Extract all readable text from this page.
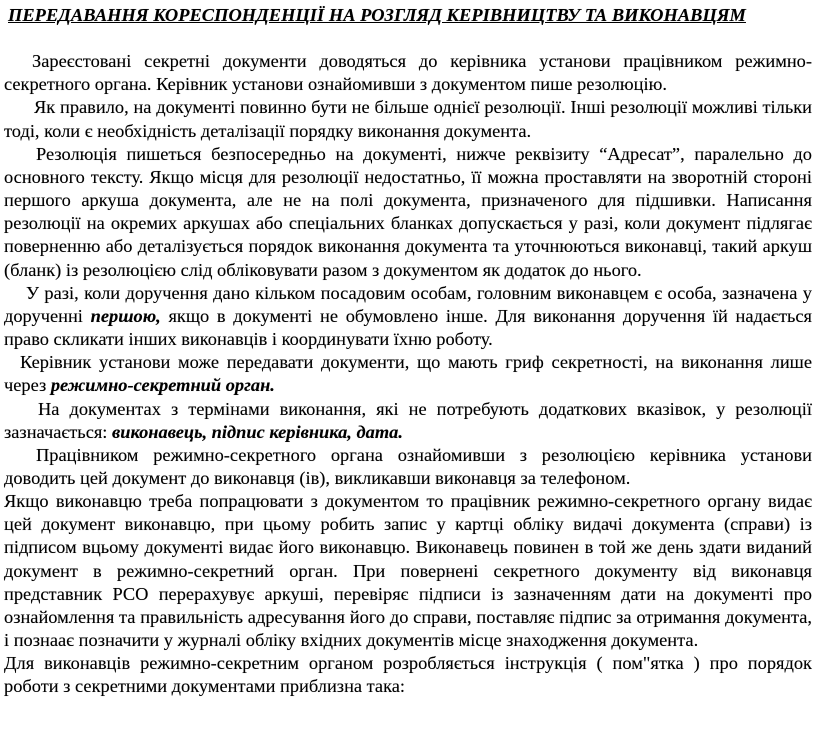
ПЕРЕДАВАННЯ КОРЕСПОНДЕНЦІЇ НА РОЗГЛЯД КЕРІВНИЦТВУ ТА ВИКОНАВЦЯМ

Зареєстовані секретні документи доводяться до керівника установи працівником режимно-секретного органа. Керівник установи ознайомивши з документом пише резолюцію.

Як правило, на документі повинно бути не більше однієї резолюції. Інші резолюції можливі тільки тоді, коли є необхідність деталізації порядку виконання документа.

Резолюція пишеться безпосередньо на документі, нижче реквізиту “Адресат”, паралельно до основного тексту. Якщо місця для резолюції недостатньо, її можна проставляти на зворотній стороні першого аркуша документа, але не на полі документа, призначеного для підшивки. Написання резолюції на окремих аркушах або спеціальних бланках допускається у разі, коли документ підлягає поверненню або деталізується порядок виконання документа та уточнюються виконавці, такий аркуш (бланк) із резолюцією слід обліковувати разом з документом як додаток до нього.

У разі, коли доручення дано кільком посадовим особам, головним виконавцем є особа, зазначена у дорученні першою, якщо в документі не обумовлено інше. Для виконання доручення їй надається право скликати інших виконавців і координувати їхню роботу.

Керівник установи може передавати документи, що мають гриф секретності, на виконання лише через режимно-секретний орган.

На документах з термінами виконання, які не потребують додаткових вказівок, у резолюції зазначається: виконавець, підпис керівника, дата.

Працівником режимно-секретного органа ознайомивши з резолюцією керівника установи доводить цей документ до виконавця (ів), викликавши виконавця за телефоном.

Якщо виконавцю треба попрацювати з документом то працівник режимно-секретного органу видає цей документ виконавцю, при цьому робить запис у картці обліку видачі документа (справи) із підписом вцьому документі видає його виконавцю. Виконавець повинен в той же день здати виданий документ в режимно-секретний орган. При повернені секретного документу від виконавця представник РСО перерахувує аркуші, перевіряє підписи із зазначенням дати на документі про ознайомлення та правильність адресування його до справи, поставляє підпис за отримання документа, і познаає позначити у журналі обліку вхідних документів місце знаходження документа.

Для виконавців режимно-секретним органом розробляється інструкція ( пом"ятка ) про порядок роботи з секретними документами приблизна така:
